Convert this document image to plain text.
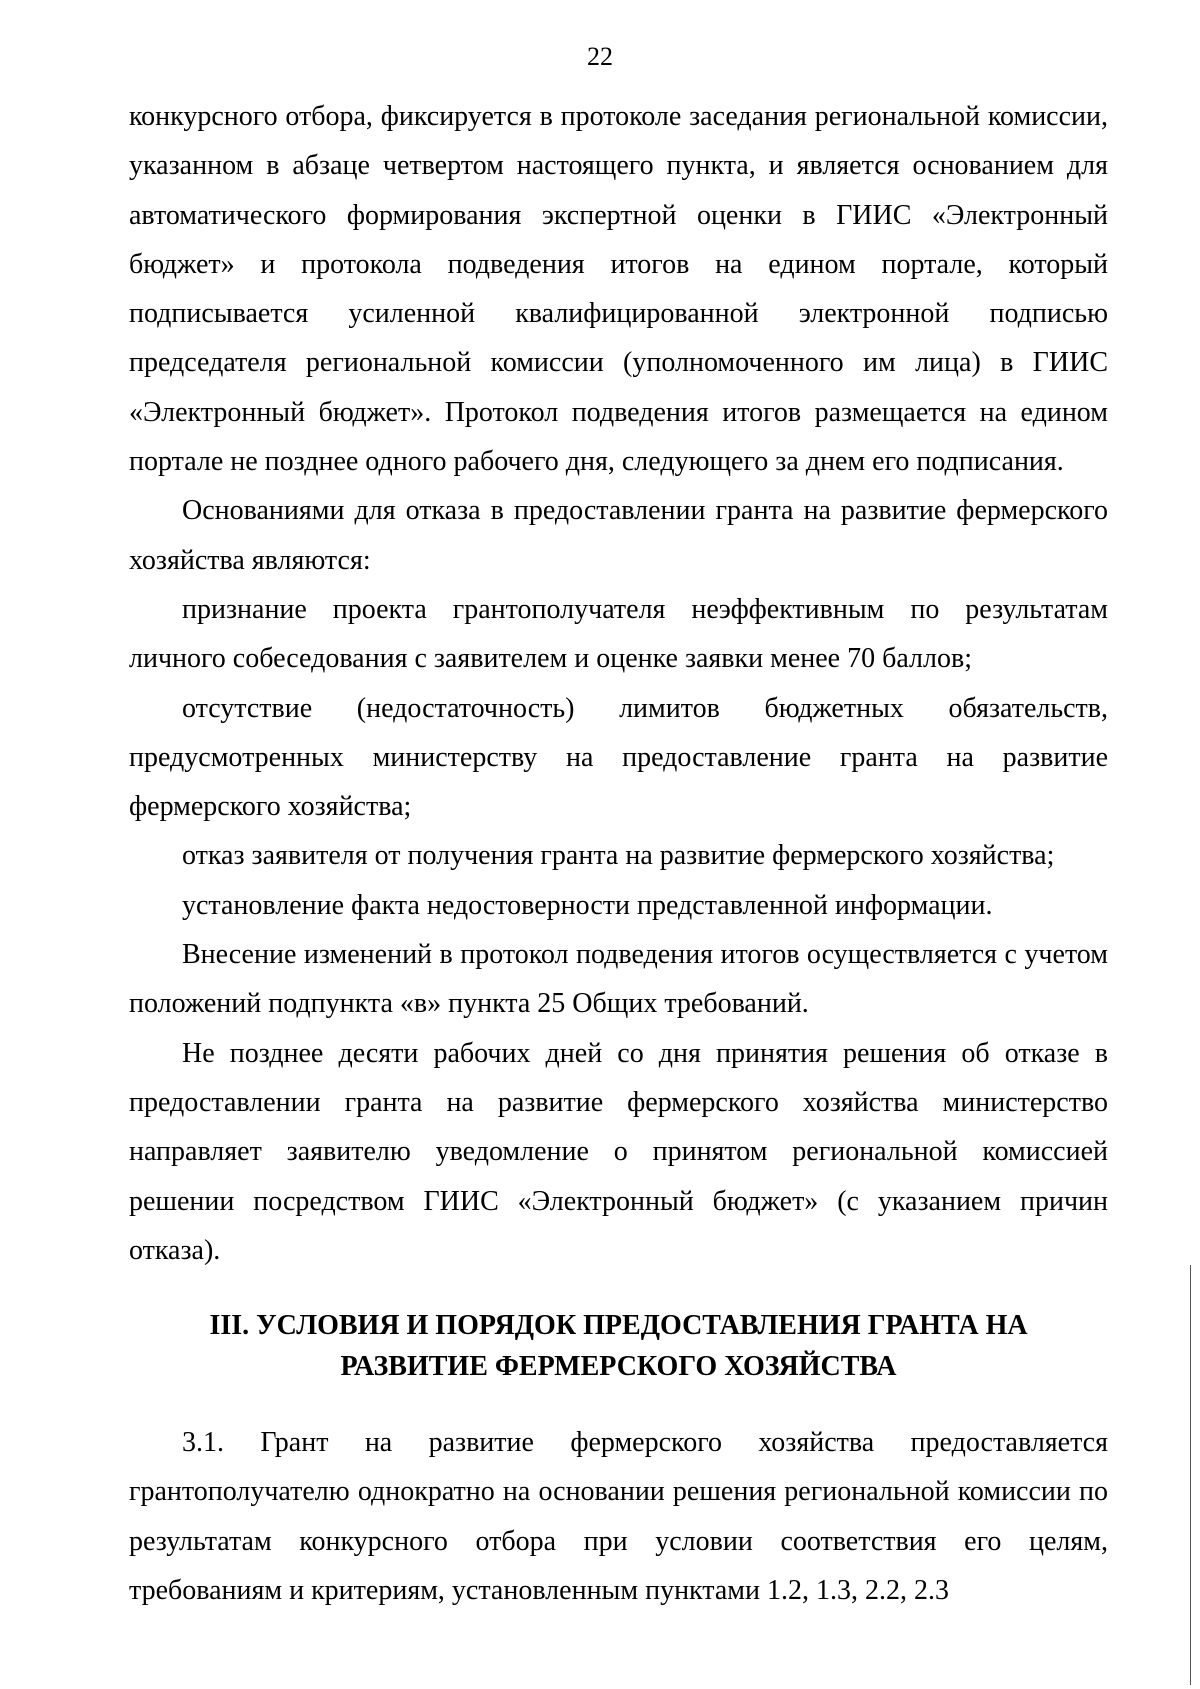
22

конкурсного отбора, фиксируется в протоколе заседания региональной комиссии, указанном в абзаце четвертом настоящего пункта, и является основанием для автоматического формирования экспертной оценки в ГИИС «Электронный бюджет» и протокола подведения итогов на едином портале, который подписывается усиленной квалифицированной электронной подписью председателя региональной комиссии (уполномоченного им лица) в ГИИС «Электронный бюджет». Протокол подведения итогов размещается на едином портале не позднее одного рабочего дня, следующего за днем его подписания.

Основаниями для отказа в предоставлении гранта на развитие фермерского хозяйства являются:

признание проекта грантополучателя неэффективным по результатам личного собеседования с заявителем и оценке заявки менее 70 баллов;

отсутствие (недостаточность) лимитов бюджетных обязательств, предусмотренных министерству на предоставление гранта на развитие фермерского хозяйства;

отказ заявителя от получения гранта на развитие фермерского хозяйства;

установление факта недостоверности представленной информации.

Внесение изменений в протокол подведения итогов осуществляется с учетом положений подпункта «в» пункта 25 Общих требований.

Не позднее десяти рабочих дней со дня принятия решения об отказе в предоставлении гранта на развитие фермерского хозяйства министерство направляет заявителю уведомление о принятом региональной комиссией решении посредством ГИИС «Электронный бюджет» (с указанием причин отказа).

III. УСЛОВИЯ И ПОРЯДОК ПРЕДОСТАВЛЕНИЯ ГРАНТА НА
РАЗВИТИЕ ФЕРМЕРСКОГО ХОЗЯЙСТВА

3.1. Грант на развитие фермерского хозяйства предоставляется грантополучателю однократно на основании решения региональной комиссии по результатам конкурсного отбора при условии соответствия его целям, требованиям и критериям, установленным пунктами 1.2, 1.3, 2.2, 2.3
